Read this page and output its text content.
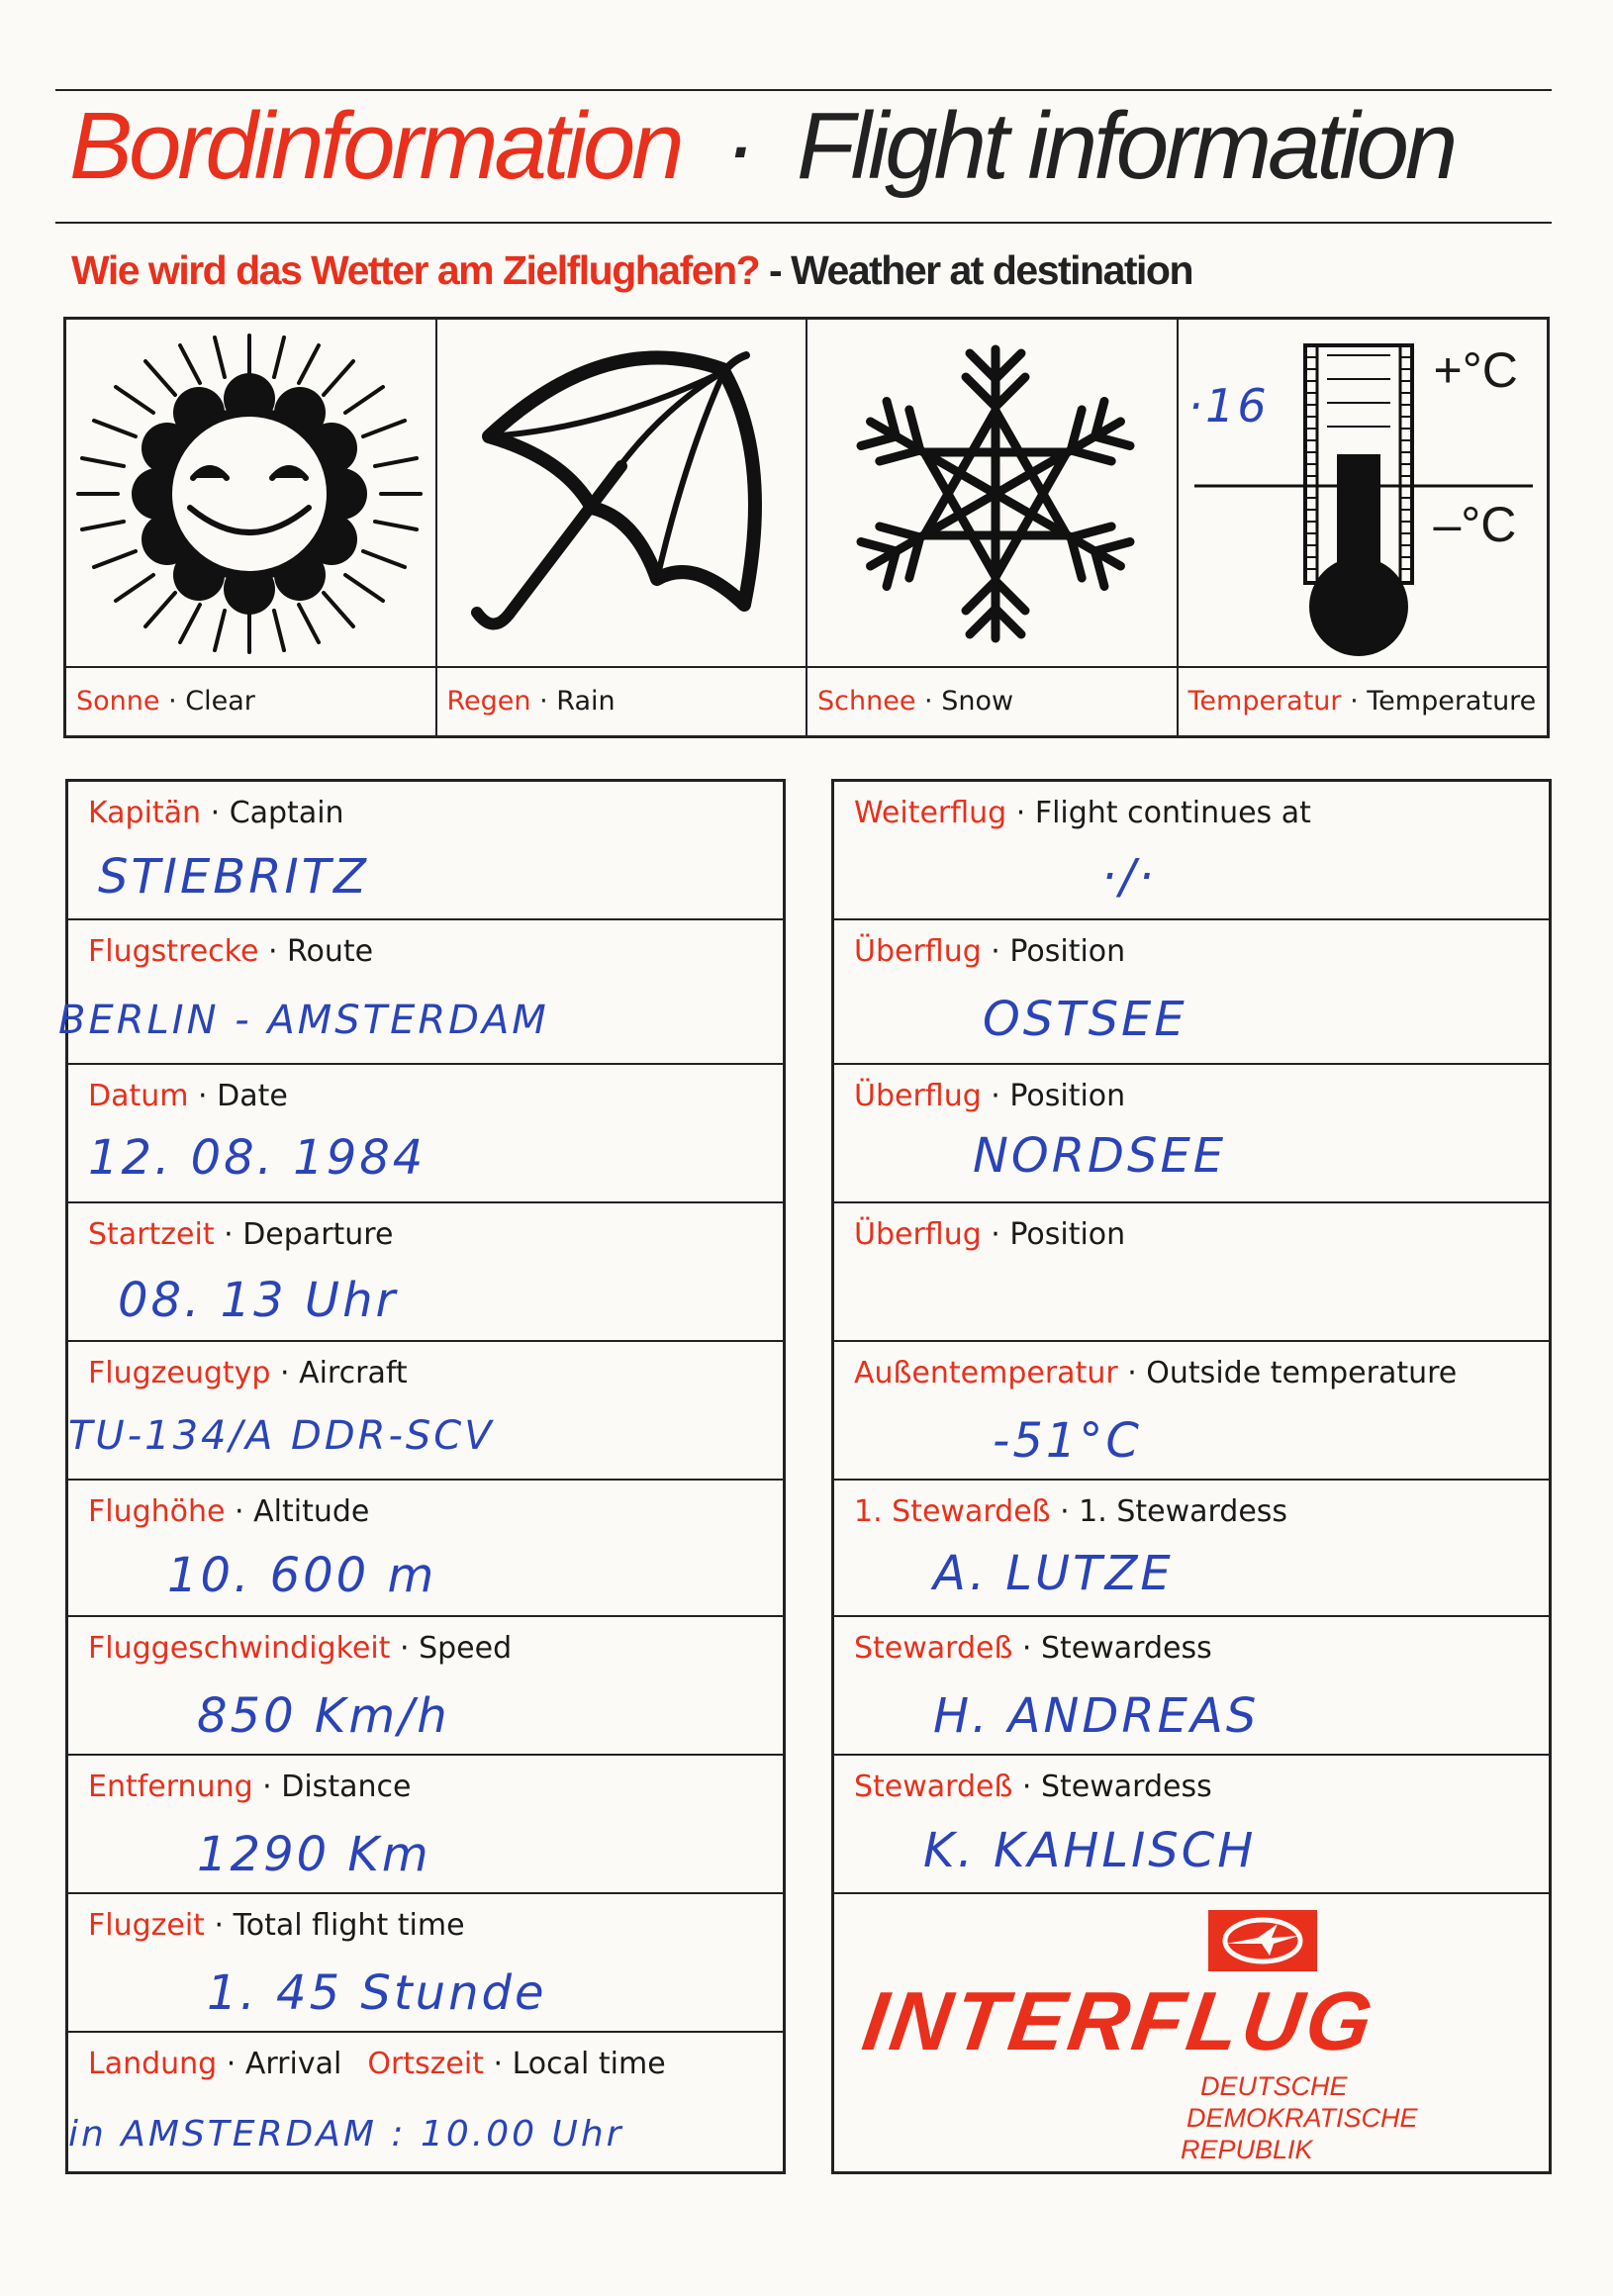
Bordinformation · Flight information
Wie wird das Wetter am Zielflughafen? - Weather at destination
Sonne · Clear	Regen · Rain	Schnee · Snow
+°C
–°C
·16
Temperatur · Temperature
Kapitän · Captain
STIEBRITZ
Flugstrecke · Route
BERLIN - AMSTERDAM
Datum · Date
12. 08. 1984
Startzeit · Departure
08. 13 Uhr
Flugzeugtyp · Aircraft
TU-134/A DDR-SCV
Flughöhe · Altitude
10. 600 m
Fluggeschwindigkeit · Speed
850 Km/h
Entfernung · Distance
1290 Km
Flugzeit · Total flight time
1. 45 Stunde
Landung · Arrival Ortszeit · Local time
in AMSTERDAM : 10.00 Uhr
Weiterflug · Flight continues at
·/·
Überflug · Position
OSTSEE
Überflug · Position
NORDSEE
Überflug · Position
Außentemperatur · Outside temperature
-51°C
1. Stewardeß · 1. Stewardess
A. LUTZE
Stewardeß · Stewardess
H. ANDREAS
Stewardeß · Stewardess
K. KAHLISCH
INTERFLUG
DEUTSCHE
DEMOKRATISCHE
REPUBLIK
